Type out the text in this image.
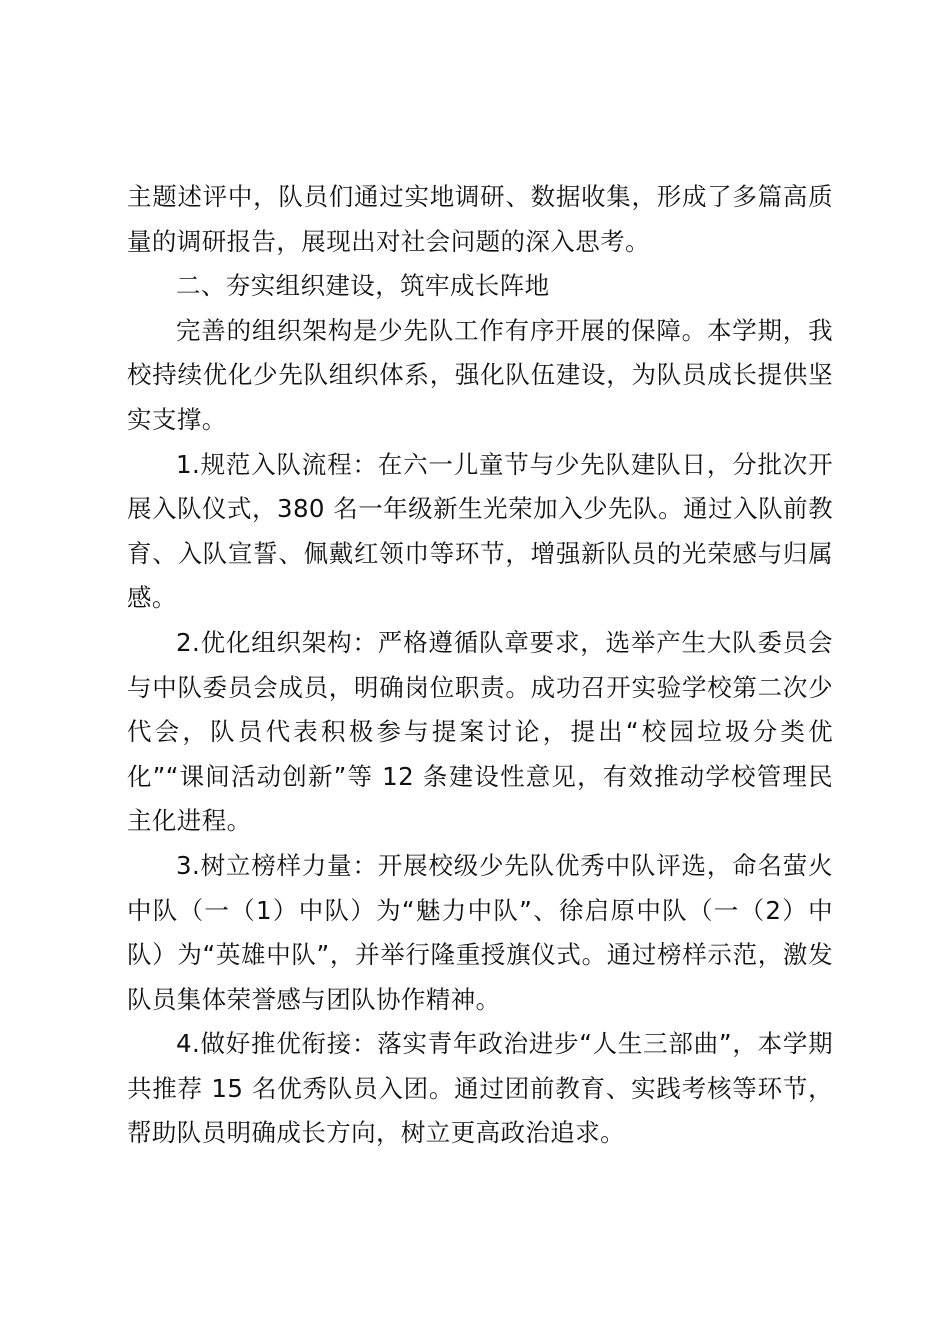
主题述评中，队员们通过实地调研、数据收集，形成了多篇高质量的调研报告，展现出对社会问题的深入思考。

二、夯实组织建设，筑牢成长阵地

完善的组织架构是少先队工作有序开展的保障。本学期，我校持续优化少先队组织体系，强化队伍建设，为队员成长提供坚实支撑。

1.规范入队流程：在六一儿童节与少先队建队日，分批次开展入队仪式，380 名一年级新生光荣加入少先队。通过入队前教育、入队宣誓、佩戴红领巾等环节，增强新队员的光荣感与归属感。

2.优化组织架构：严格遵循队章要求，选举产生大队委员会与中队委员会成员，明确岗位职责。成功召开实验学校第二次少代会，队员代表积极参与提案讨论，提出“校园垃圾分类优化”“课间活动创新”等 12 条建设性意见，有效推动学校管理民主化进程。

3.树立榜样力量：开展校级少先队优秀中队评选，命名萤火中队（一（1）中队）为“魅力中队”、徐启原中队（一（2）中队）为“英雄中队”，并举行隆重授旗仪式。通过榜样示范，激发队员集体荣誉感与团队协作精神。

4.做好推优衔接：落实青年政治进步“人生三部曲”，本学期共推荐 15 名优秀队员入团。通过团前教育、实践考核等环节，帮助队员明确成长方向，树立更高政治追求。
